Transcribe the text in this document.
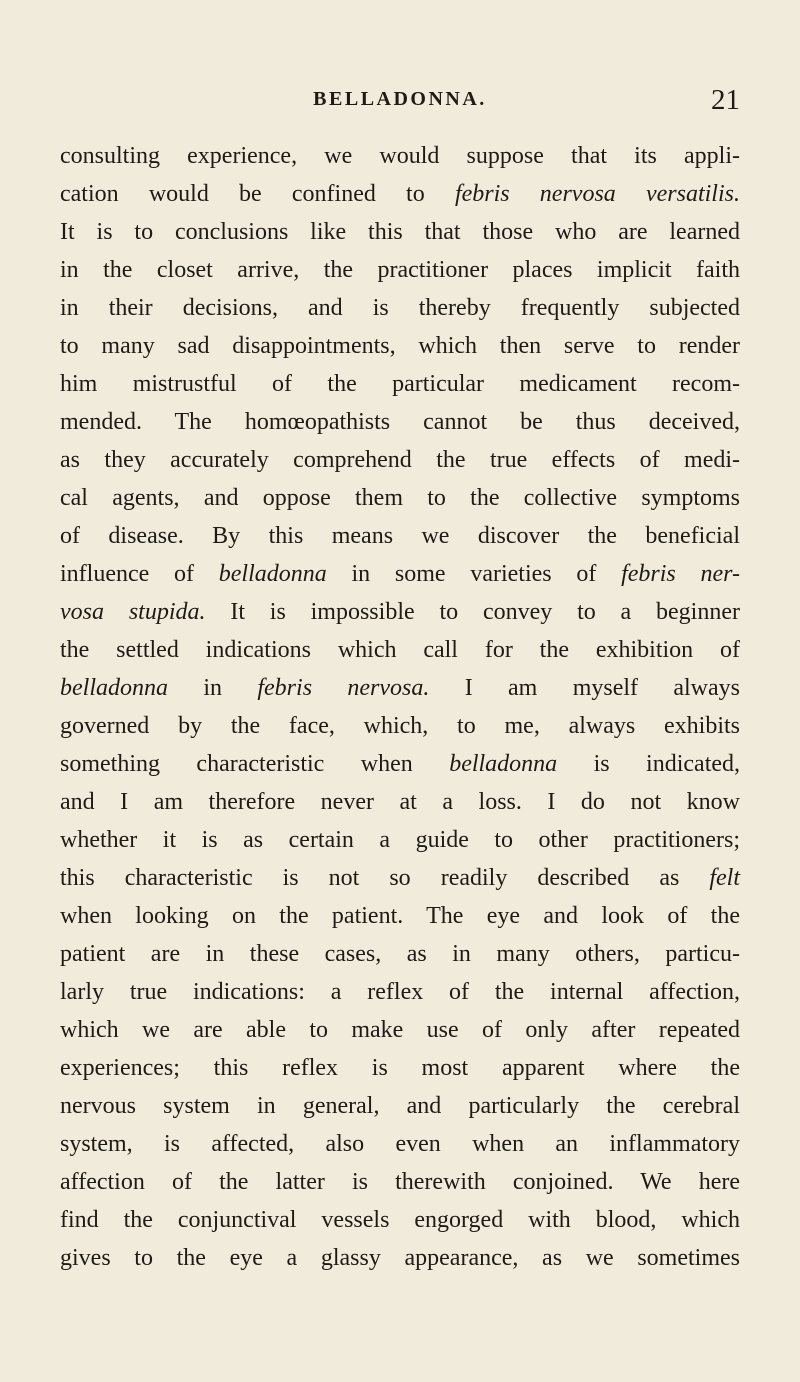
BELLADONNA.	21
consulting experience, we would suppose that its appli-
cation would be confined to febris nervosa versatilis.
It is to conclusions like this that those who are learned
in the closet arrive, the practitioner places implicit faith
in their decisions, and is thereby frequently subjected
to many sad disappointments, which then serve to render
him mistrustful of the particular medicament recom-
mended. The homœopathists cannot be thus deceived,
as they accurately comprehend the true effects of medi-
cal agents, and oppose them to the collective symptoms
of disease. By this means we discover the beneficial
influence of belladonna in some varieties of febris ner-
vosa stupida. It is impossible to convey to a beginner
the settled indications which call for the exhibition of
belladonna in febris nervosa. I am myself always
governed by the face, which, to me, always exhibits
something characteristic when belladonna is indicated,
and I am therefore never at a loss. I do not know
whether it is as certain a guide to other practitioners;
this characteristic is not so readily described as felt
when looking on the patient. The eye and look of the
patient are in these cases, as in many others, particu-
larly true indications: a reflex of the internal affection,
which we are able to make use of only after repeated
experiences; this reflex is most apparent where the
nervous system in general, and particularly the cerebral
system, is affected, also even when an inflammatory
affection of the latter is therewith conjoined. We here
find the conjunctival vessels engorged with blood, which
gives to the eye a glassy appearance, as we sometimes
